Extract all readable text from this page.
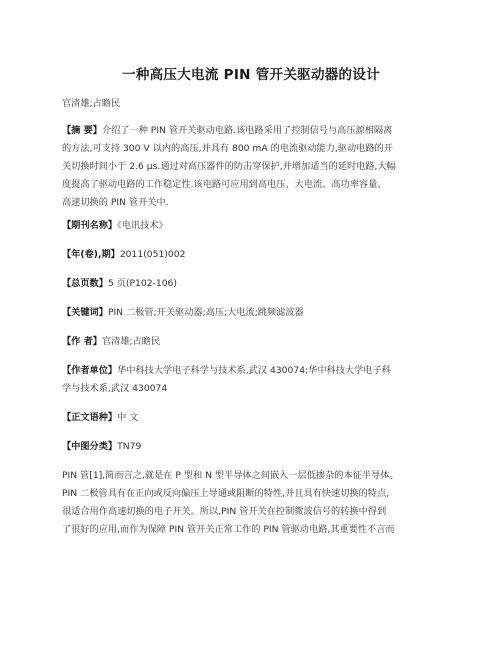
一种高压大电流 PIN 管开关驱动器的设计
官清雄;占瞻民
【摘 要】介绍了一种 PIN 管开关驱动电路.该电路采用了控制信号与高压源相隔离
的方法,可支持 300 V 以内的高压,并具有 800 mA 的电流驱动能力,驱动电路的开
关切换时间小于 2.6 μs.通过对高压器件的防击穿保护,并增加适当的延时电路,大幅
度提高了驱动电路的工作稳定性.该电路可应用到高电压、大电流、高功率容量、
高速切换的 PIN 管开关中.
【期刊名称】《电讯技术》
【年(卷),期】2011(051)002
【总页数】5 页(P102-106)
【关键词】PIN 二极管;开关驱动器;高压;大电流;跳频滤波器
【作 者】官清雄;占瞻民
【作者单位】华中科技大学电子科学与技术系,武汉 430074;华中科技大学电子科
学与技术系,武汉 430074
【正文语种】中 文
【中图分类】TN79
PIN 管[1],简而言之,就是在 P 型和 N 型半导体之间嵌入一层低掺杂的本征半导体。
PIN 二极管具有在正向或反向偏压上导通或阻断的特性,并且具有快速切换的特点,
很适合用作高速切换的电子开关。所以,PIN 管开关在控制微波信号的转换中得到
了很好的应用,而作为保障 PIN 管开关正常工作的 PIN 管驱动电路,其重要性不言而
